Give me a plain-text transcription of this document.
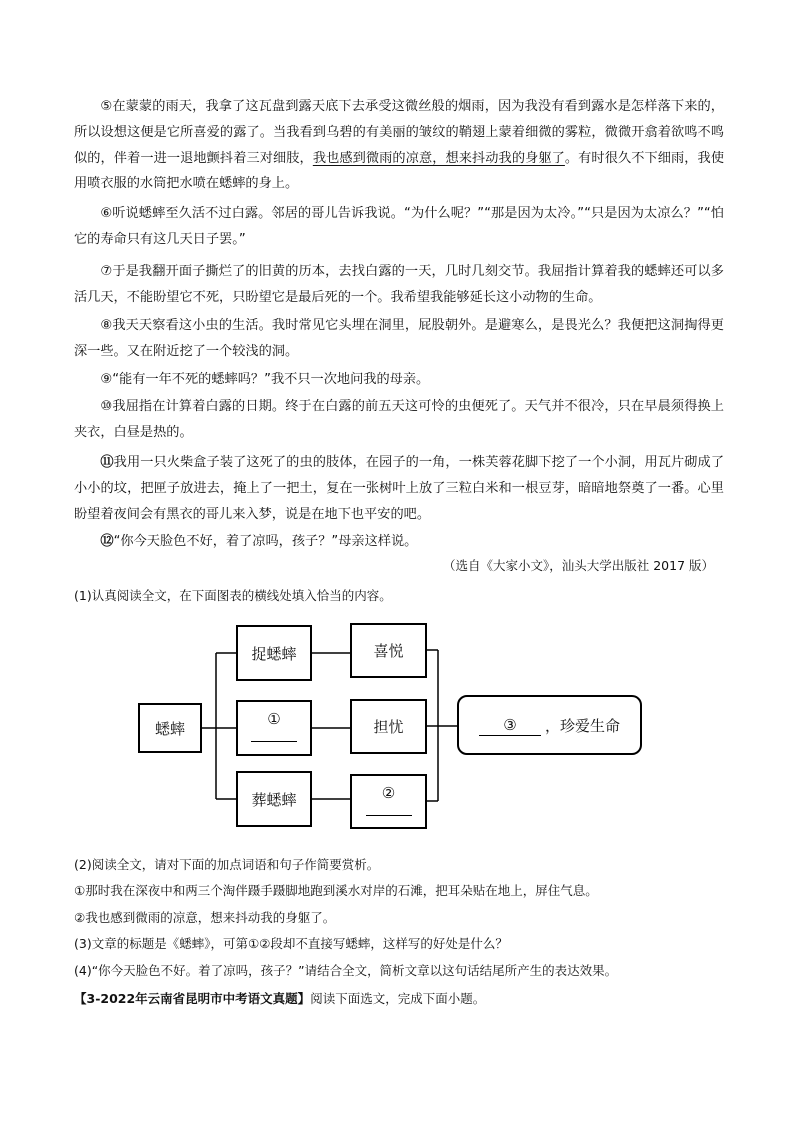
⑤在蒙蒙的雨天，我拿了这瓦盘到露天底下去承受这微丝般的烟雨，因为我没有看到露水是怎样落下来的，所以设想这便是它所喜爱的露了。当我看到乌碧的有美丽的皱纹的鞘翅上蒙着细微的雾粒，微微开翕着欲鸣不鸣似的，伴着一进一退地颤抖着三对细肢，我也感到微雨的凉意，想来抖动我的身躯了。有时很久不下细雨，我使用喷衣服的水筒把水喷在蟋蟀的身上。

⑥听说蟋蟀至久活不过白露。邻居的哥儿告诉我说。“为什么呢？”“那是因为太冷。”“只是因为太凉么？”“怕它的寿命只有这几天日子罢。”

⑦于是我翻开面子撕烂了的旧黄的历本，去找白露的一天，几时几刻交节。我屈指计算着我的蟋蟀还可以多活几天，不能盼望它不死，只盼望它是最后死的一个。我希望我能够延长这小动物的生命。

⑧我天天察看这小虫的生活。我时常见它头埋在洞里，屁股朝外。是避寒么，是畏光么？我便把这洞掏得更深一些。又在附近挖了一个较浅的洞。

⑨“能有一年不死的蟋蟀吗？”我不只一次地问我的母亲。

⑩我屈指在计算着白露的日期。终于在白露的前五天这可怜的虫便死了。天气并不很冷，只在早晨须得换上夹衣，白昼是热的。

⑪我用一只火柴盒子装了这死了的虫的肢体，在园子的一角，一株芙蓉花脚下挖了一个小洞，用瓦片砌成了小小的坟，把匣子放进去，掩上了一把土，复在一张树叶上放了三粒白米和一根豆芽，暗暗地祭奠了一番。心里盼望着夜间会有黑衣的哥儿来入梦，说是在地下也平安的吧。

⑫“你今天脸色不好，着了凉吗，孩子？”母亲这样说。

（选自《大家小文》，汕头大学出版社 2017 版）

(1)认真阅读全文，在下面图表的横线处填入恰当的内容。

蟋蟀
捉蟋蟀
①
葬蟋蟀
喜悦
担忧
②
③	，珍爱生命

(2)阅读全文，请对下面的加点词语和句子作简要赏析。

①那时我在深夜中和两三个淘伴蹑手蹑脚地跑到溪水对岸的石滩，把耳朵贴在地上，屏住气息。

②我也感到微雨的凉意，想来抖动我的身躯了。

(3)文章的标题是《蟋蟀》，可第①②段却不直接写蟋蟀，这样写的好处是什么？

(4)“你今天脸色不好。着了凉吗，孩子？”请结合全文，简析文章以这句话结尾所产生的表达效果。

【3-2022年云南省昆明市中考语文真题】阅读下面选文，完成下面小题。
